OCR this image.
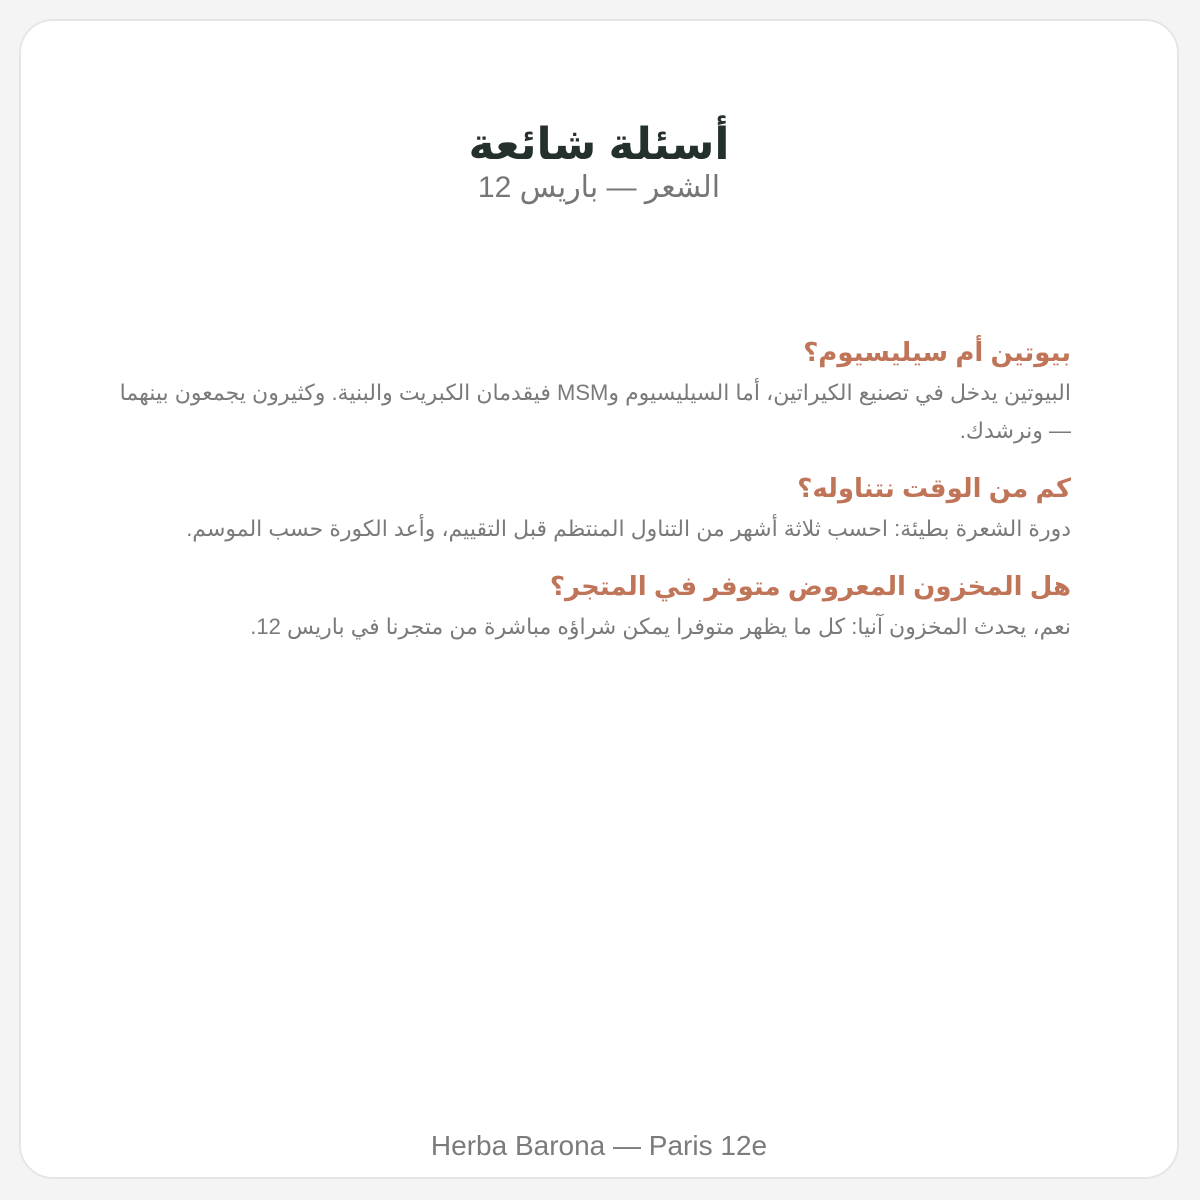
أسئلة شائعة
الشعر — باريس 12
بيوتين أم سيليسيوم؟

البيوتين يدخل في تصنيع الكيراتين، أما السيليسيوم وMSM فيقدمان الكبريت والبنية. وكثيرون يجمعون بينهما — ونرشدك.

كم من الوقت نتناوله؟

دورة الشعرة بطيئة: احسب ثلاثة أشهر من التناول المنتظم قبل التقييم، وأعد الكورة حسب الموسم.

هل المخزون المعروض متوفر في المتجر؟

نعم، يحدث المخزون آنيا: كل ما يظهر متوفرا يمكن شراؤه مباشرة من متجرنا في باريس 12.

Herba Barona — Paris 12e
